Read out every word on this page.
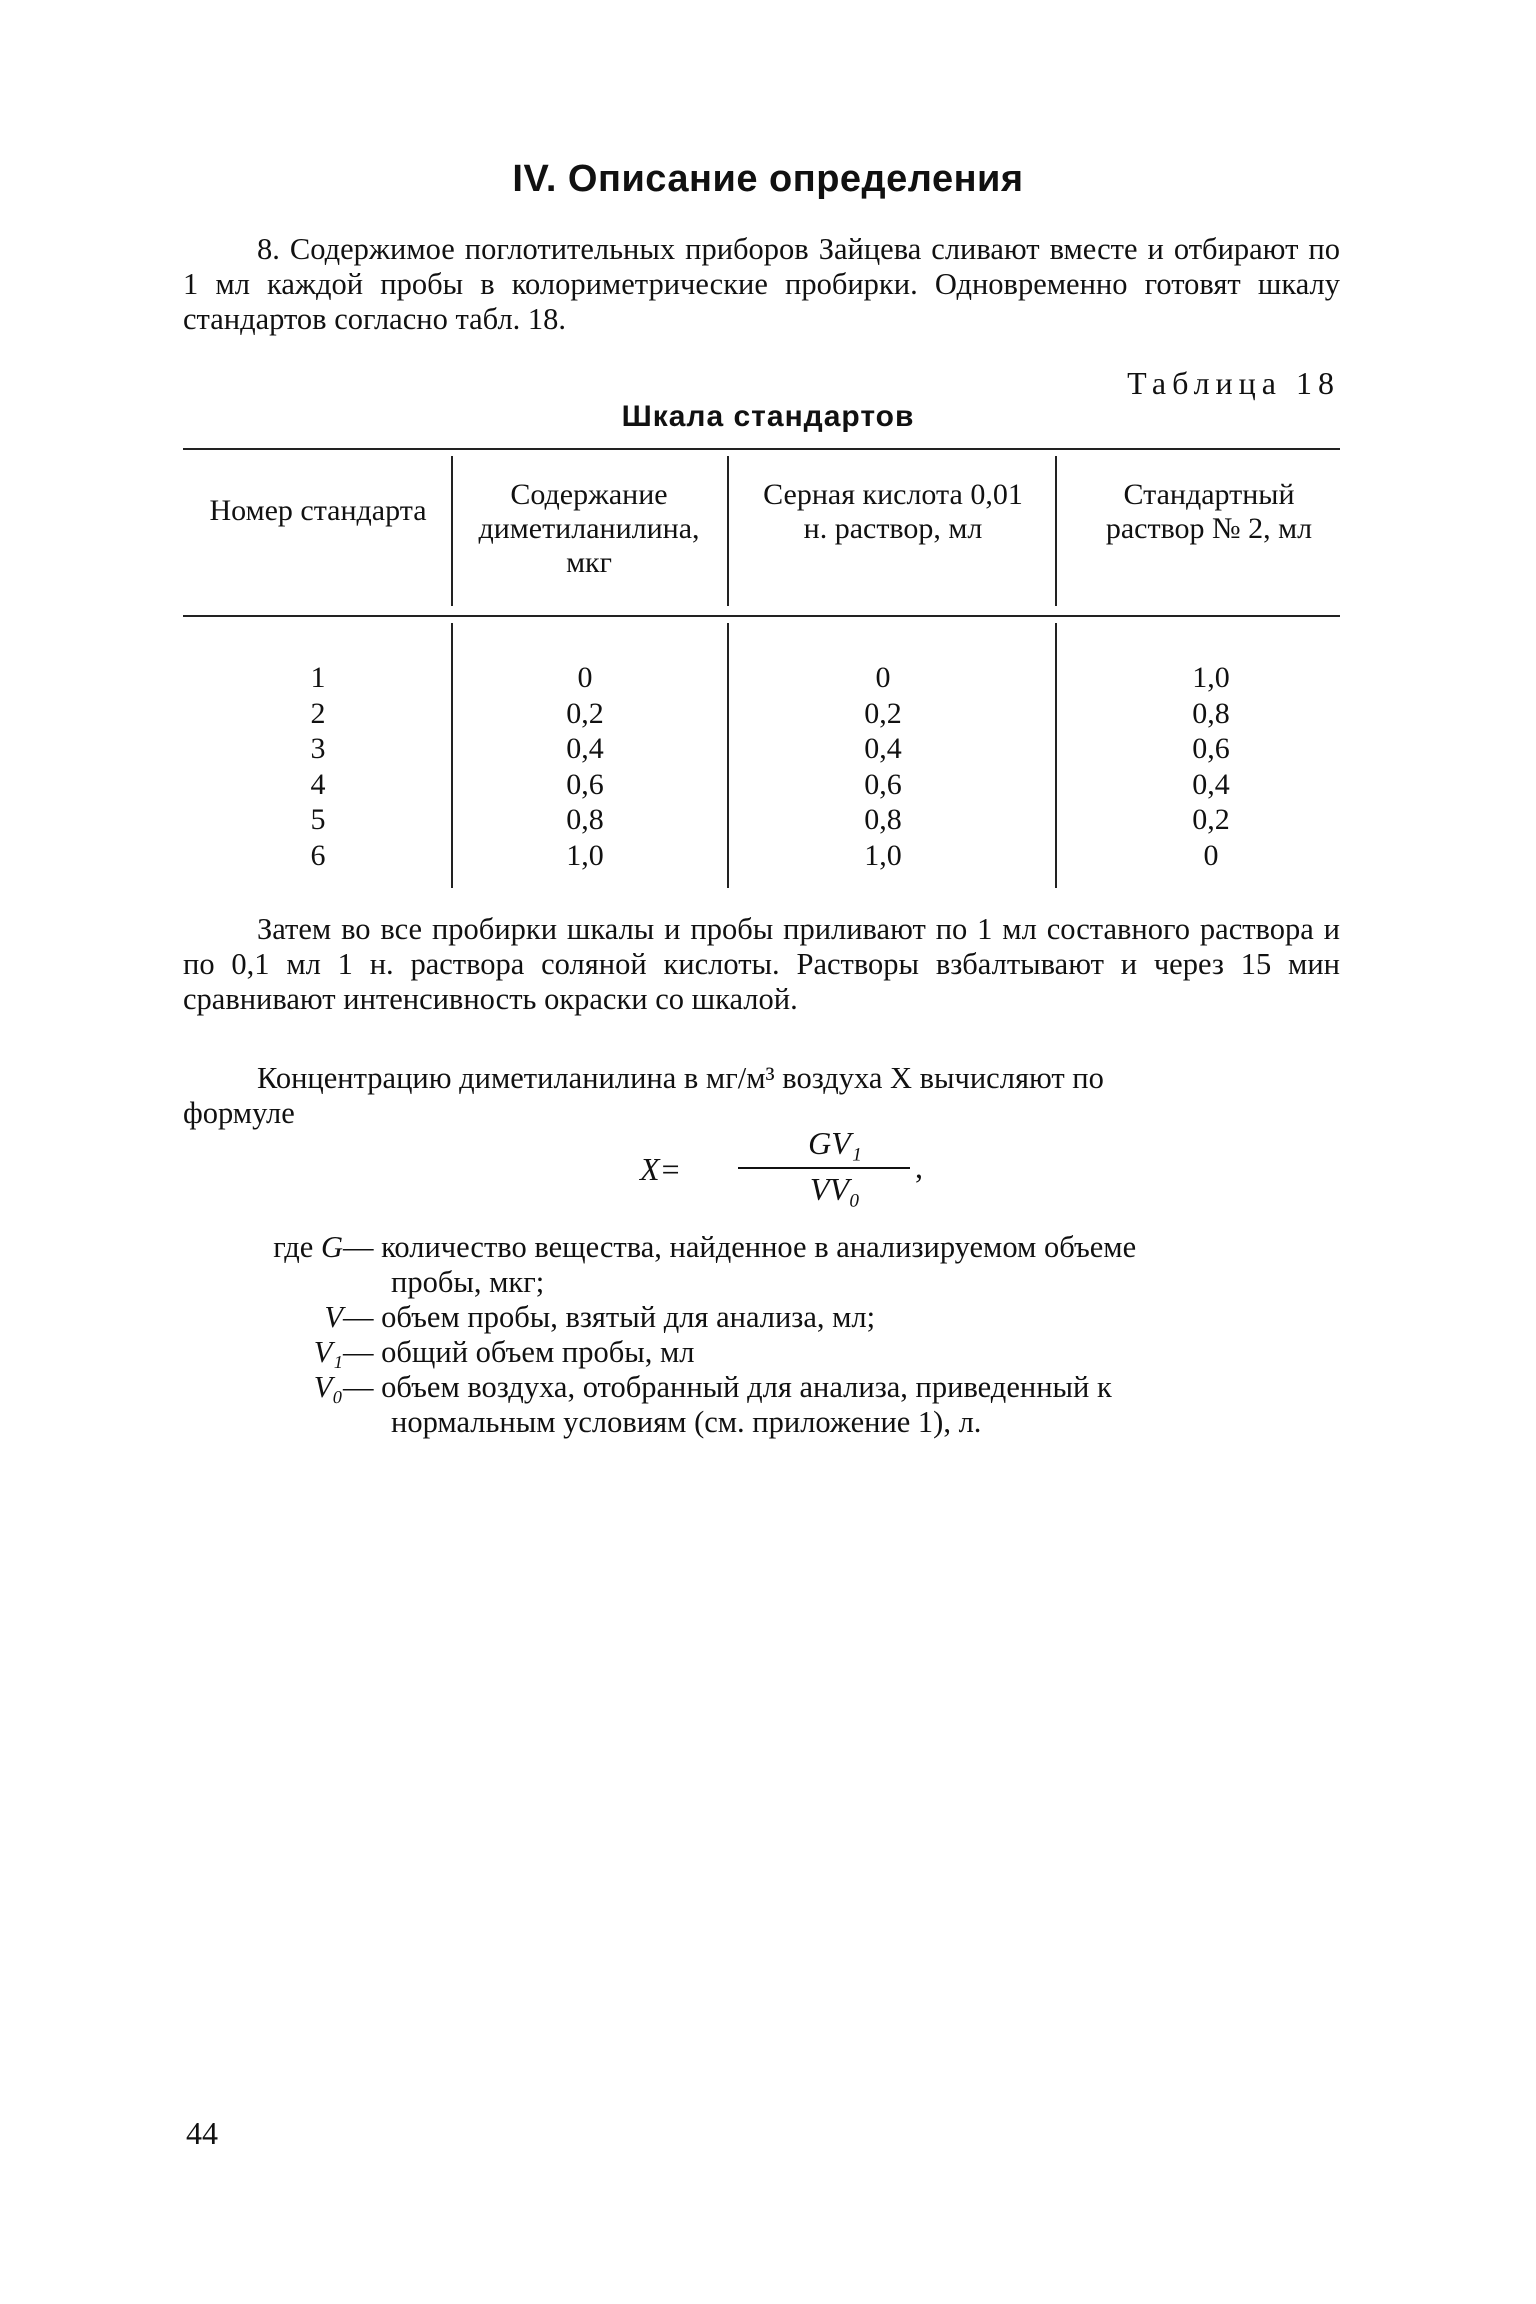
IV. Описание определения
8. Содержимое поглотительных приборов Зайцева сливают вместе и отбирают по 1 мл каждой пробы в колориметрические пробирки. Одновременно готовят шкалу стандартов согласно табл. 18.
Таблица 18
Шкала стандартов
Номер стандарта	Содержание диметиланилина, мкг
Серная кислота 0,01 н. раствор, мл
Стандартный раствор № 2, мл
1
2
3
4
5
6
0
0,2
0,4
0,6
0,8
1,0
0
0,2
0,4
0,6
0,8
1,0
1,0
0,8
0,6
0,4
0,2
0
Затем во все пробирки шкалы и пробы приливают по 1 мл составного раствора и по 0,1 мл 1 н. раствора соляной кислоты. Растворы взбалтывают и через 15 мин сравнивают интенсивность окраски со шкалой.
Концентрацию диметиланилина в мг/м³ воздуха X вычисляют по
формуле
X=
GV₁
VV₀
,
где G — количество вещества, найденное в анализируемом объеме
пробы, мкг;
V — объем пробы, взятый для анализа, мл;
V₁ — общий объем пробы, мл
V₀ — объем воздуха, отобранный для анализа, приведенный к
нормальным условиям (см. приложение 1), л.
44
